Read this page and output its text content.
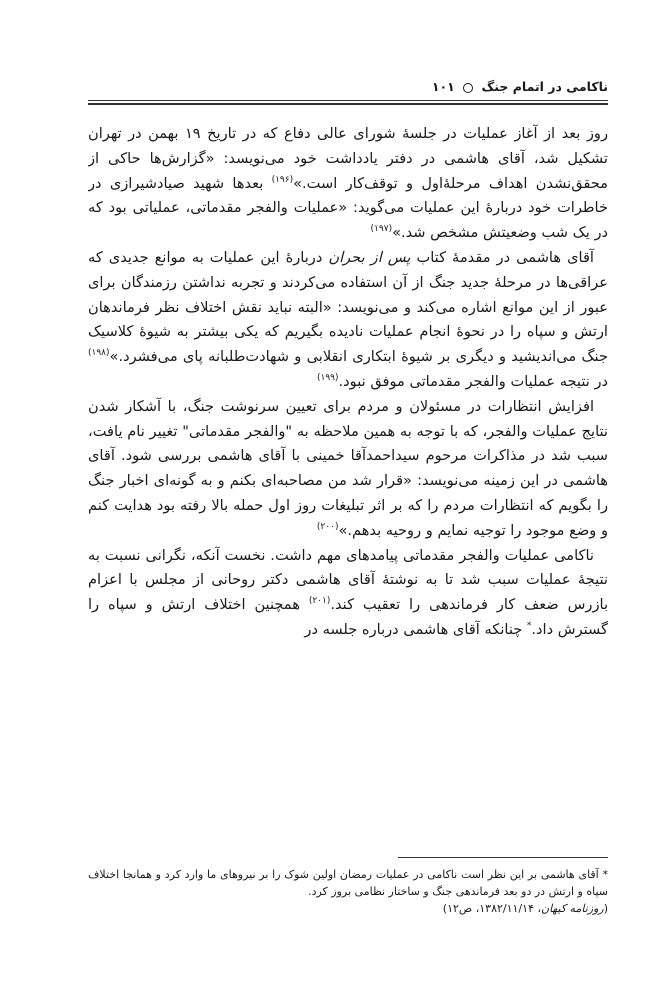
ناکامی در اتمام جنگ  ۱۰۱

روز بعد از آغاز عملیات در جلسهٔ شورای عالی دفاع که در تاریخ ۱۹ بهمن در تهران تشکیل شد، آقای هاشمی در دفتر یادداشت خود می‌نویسد: «گزارش‌ها حاکی از محقق‌نشدن اهداف مرحلهٔ‌اول و توقف‌کار است.»$^{(۱۹۶)}$ بعدها شهید صیادشیرازی در خاطرات خود دربارهٔ این عملیات می‌گوید: «عملیات والفجر مقدماتی، عملیاتی بود که در یک شب وضعیتش مشخص شد.»$^{(۱۹۷)}$

آقای هاشمی در مقدمهٔ کتاب پس از بحران دربارهٔ این عملیات به موانع جدیدی که عراقی‌ها در مرحلهٔ جدید جنگ از آن استفاده می‌کردند و تجربه نداشتن رزمندگان برای عبور از این موانع اشاره می‌کند و می‌نویسد: «البته نباید نقش اختلاف نظر فرماندهان ارتش و سپاه را در نحوهٔ انجام عملیات نادیده بگیریم که یکی بیشتر به شیوهٔ کلاسیک جنگ می‌اندیشید و دیگری بر شیوهٔ ابتکاری انقلابی و شهادت‌طلبانه پای می‌فشرد.»$^{(۱۹۸)}$ در نتیجه عملیات والفجر مقدماتی موفق نبود.$^{(۱۹۹)}$

افزایش انتظارات در مسئولان و مردم برای تعیین سرنوشت جنگ، با آشکار شدن نتایج عملیات والفجر، که با توجه به همین ملاحظه به "والفجر مقدماتی" تغییر نام یافت، سبب شد در مذاکرات مرحوم سیداحمدآقا خمینی با آقای هاشمی بررسی شود. آقای هاشمی در این زمینه می‌نویسد: «قرار شد من مصاحبه‌ای بکنم و به گونه‌ای اخبار جنگ را بگویم که انتظارات مردم را که بر اثر تبلیغات روز اول حمله بالا رفته بود هدایت کنم و وضع موجود را توجیه نمایم و روحیه بدهم.»$^{(۲۰۰)}$

ناکامی عملیات والفجر مقدماتی پیامدهای مهم داشت. نخست آنکه، نگرانی نسبت به نتیجهٔ عملیات سبب شد تا به نوشتهٔ آقای هاشمی دکتر روحانی از مجلس با اعزام بازرس ضعف کار فرماندهی را تعقیب کند.$^{(۲۰۱)}$ همچنین اختلاف ارتش و سپاه را گسترش داد.* چنانکه آقای هاشمی درباره جلسه در

* آقای هاشمی بر این نظر است ناکامی در عملیات رمضان اولین شوک را بر نیروهای ما وارد کرد و همانجا اختلاف سپاه و ارتش در دو بعد فرماندهی جنگ و ساختار نظامی بروز کرد.

(روزنامه کیهان، ۱۳۸۲/۱۱/۱۴، ص۱۲)
